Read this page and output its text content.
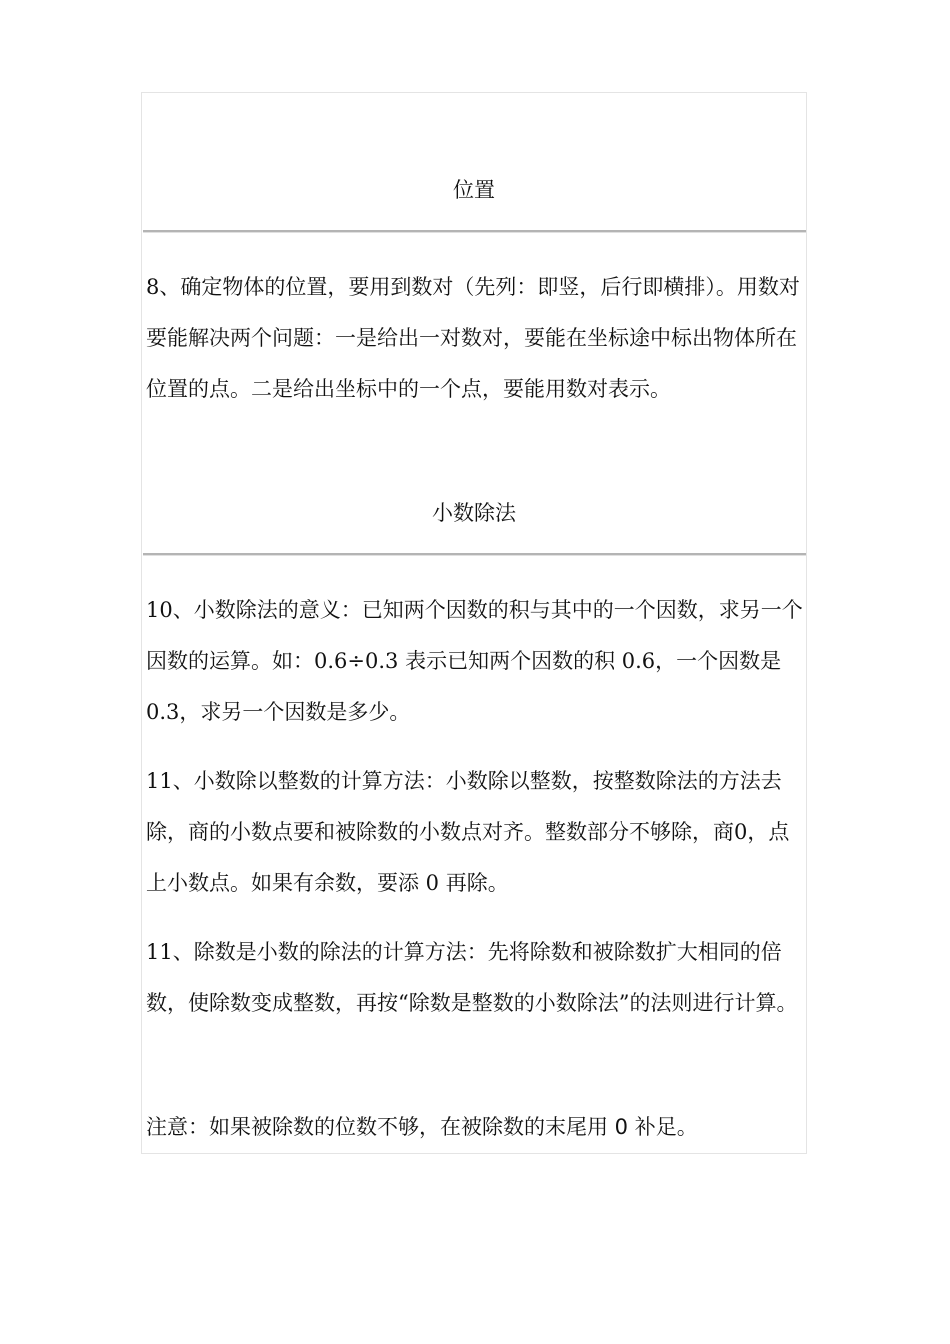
位置

8、确定物体的位置，要用到数对（先列：即竖，后行即横排）。用数对要能解决两个问题：一是给出一对数对，要能在坐标途中标出物体所在位置的点。二是给出坐标中的一个点，要能用数对表示。

小数除法

10、小数除法的意义：已知两个因数的积与其中的一个因数，求另一个因数的运算。如：0.6÷0.3 表示已知两个因数的积 0.6，一个因数是 0.3，求另一个因数是多少。

11、小数除以整数的计算方法：小数除以整数，按整数除法的方法去除，商的小数点要和被除数的小数点对齐。整数部分不够除，商0，点上小数点。如果有余数，要添 0 再除。

11、除数是小数的除法的计算方法：先将除数和被除数扩大相同的倍数，使除数变成整数，再按“除数是整数的小数除法”的法则进行计算。

注意：如果被除数的位数不够，在被除数的末尾用 0 补足。
